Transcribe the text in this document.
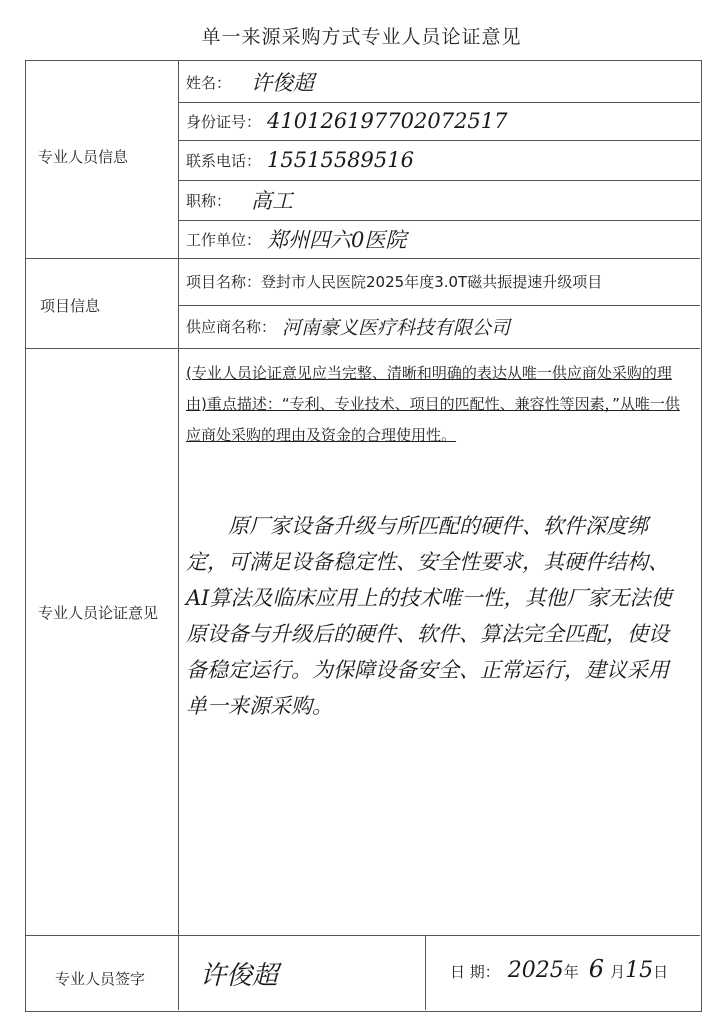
单一来源采购方式专业人员论证意见
专业人员信息
项目信息
专业人员论证意见
专业人员签字
姓名： 许俊超
身份证号： 410126197702072517
联系电话： 15515589516
职称： 高工
工作单位： 郑州四六0医院
项目名称： 登封市人民医院2025年度3.0T磁共振提速升级项目
供应商名称： 河南豪义医疗科技有限公司
(专业人员论证意见应当完整、清晰和明确的表达从唯一供应商处采购的理由)重点描述：“专利、专业技术、项目的匹配性、兼容性等因素，”从唯一供应商处采购的理由及资金的合理使用性。
原厂家设备升级与所匹配的硬件、软件深度绑定，可满足设备稳定性、安全性要求，其硬件结构、AI算法及临床应用上的技术唯一性，其他厂家无法使原设备与升级后的硬件、软件、算法完全匹配，使设备稳定运行。为保障设备安全、正常运行，建议采用单一来源采购。
许俊超	日 期： 2025 年 6 月 15 日
